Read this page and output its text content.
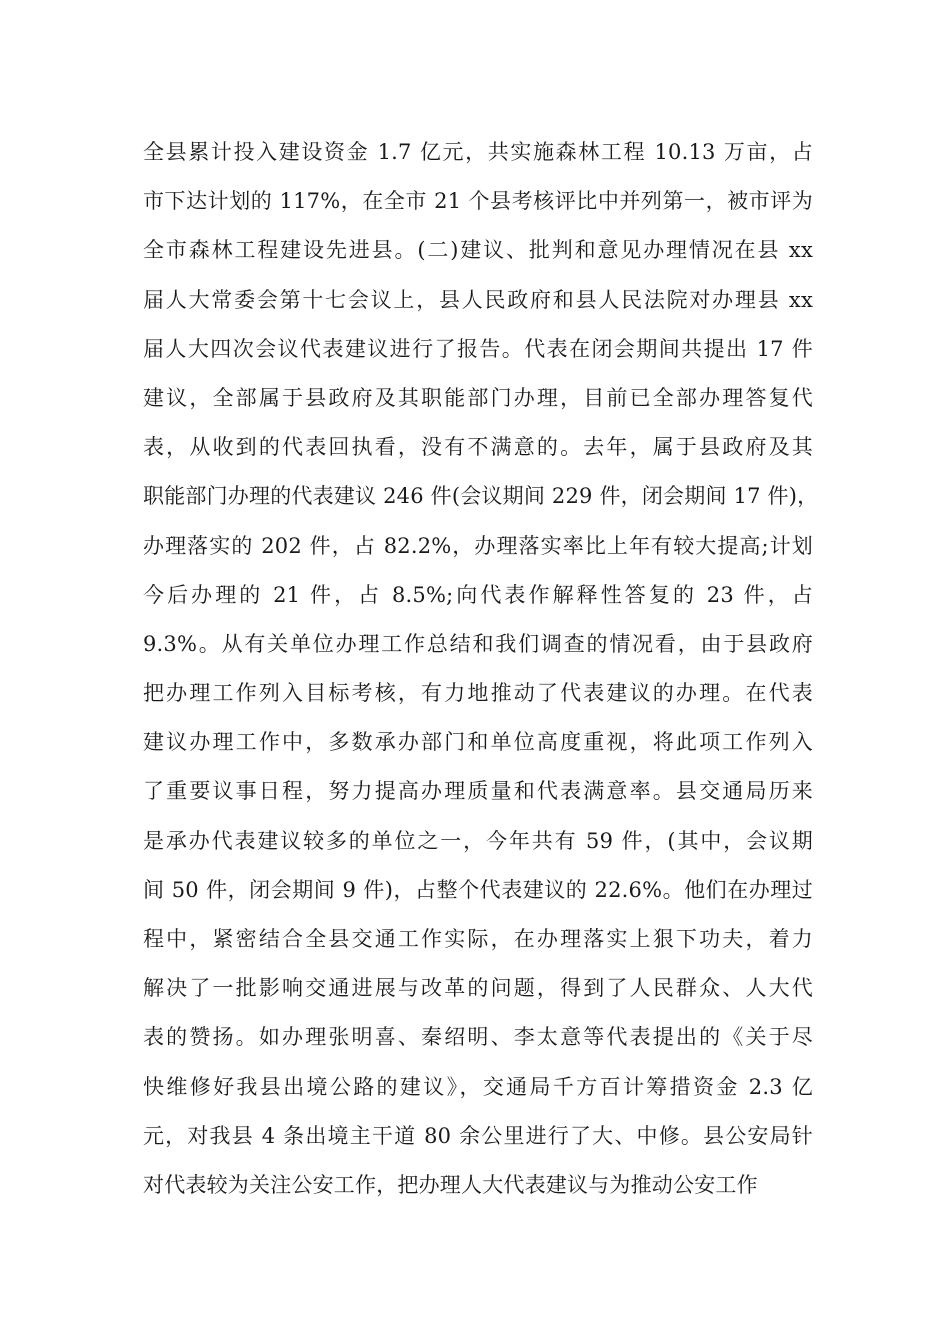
全县累计投入建设资金 1.7 亿元，共实施森林工程 10.13 万亩，占
市下达计划的 117%，在全市 21 个县考核评比中并列第一，被市评为
全市森林工程建设先进县。(二)建议、批判和意见办理情况在县 xx
届人大常委会第十七会议上，县人民政府和县人民法院对办理县 xx
届人大四次会议代表建议进行了报告。代表在闭会期间共提出 17 件
建议，全部属于县政府及其职能部门办理，目前已全部办理答复代
表，从收到的代表回执看，没有不满意的。去年，属于县政府及其
职能部门办理的代表建议 246 件(会议期间 229 件，闭会期间 17 件)，
办理落实的 202 件，占 82.2%，办理落实率比上年有较大提高;计划
今后办理的 21 件，占 8.5%;向代表作解释性答复的 23 件，占
9.3%。从有关单位办理工作总结和我们调查的情况看，由于县政府
把办理工作列入目标考核，有力地推动了代表建议的办理。在代表
建议办理工作中，多数承办部门和单位高度重视，将此项工作列入
了重要议事日程，努力提高办理质量和代表满意率。县交通局历来
是承办代表建议较多的单位之一，今年共有 59 件，(其中，会议期
间 50 件，闭会期间 9 件)，占整个代表建议的 22.6%。他们在办理过
程中，紧密结合全县交通工作实际，在办理落实上狠下功夫，着力
解决了一批影响交通进展与改革的问题，得到了人民群众、人大代
表的赞扬。如办理张明喜、秦绍明、李太意等代表提出的《关于尽
快维修好我县出境公路的建议》，交通局千方百计筹措资金 2.3 亿
元，对我县 4 条出境主干道 80 余公里进行了大、中修。县公安局针
对代表较为关注公安工作，把办理人大代表建议与为推动公安工作
